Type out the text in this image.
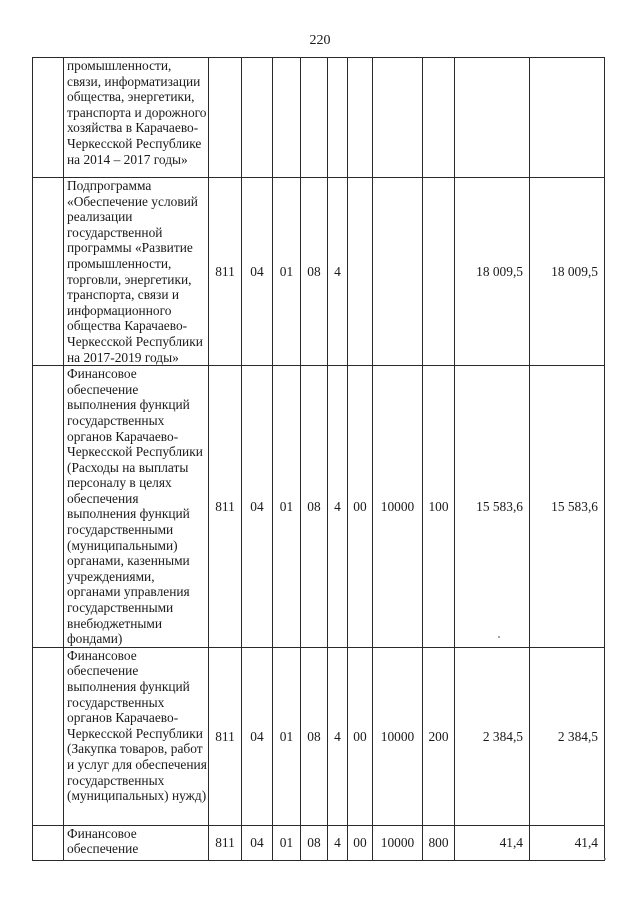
220
	промышленности, связи, информатизации общества, энергетики, транспорта и дорожного хозяйства в Карачаево-Черкесской Республике на 2014 – 2017 годы»										
	Подпрограмма «Обеспечение условий реализации государственной программы «Развитие промышленности, торговли, энергетики, транспорта, связи и информационного общества Карачаево-Черкесской Республики на 2017-2019 годы»	811	04	01	08	4				18 009,5	18 009,5
	Финансовое обеспечение выполнения функций государственных органов Карачаево-Черкесской Республики (Расходы на выплаты персоналу в целях обеспечения выполнения функций государственными (муниципальными) органами, казенными учреждениями, органами управления государственными внебюджетными фондами)	811	04	01	08	4	00	10000	100	15 583,6	15 583,6
	Финансовое обеспечение выполнения функций государственных органов Карачаево-Черкесской Республики (Закупка товаров, работ и услуг для обеспечения государственных (муниципальных) нужд)	811	04	01	08	4	00	10000	200	2 384,5	2 384,5
	Финансовое обеспечение	811	04	01	08	4	00	10000	800	41,4	41,4
